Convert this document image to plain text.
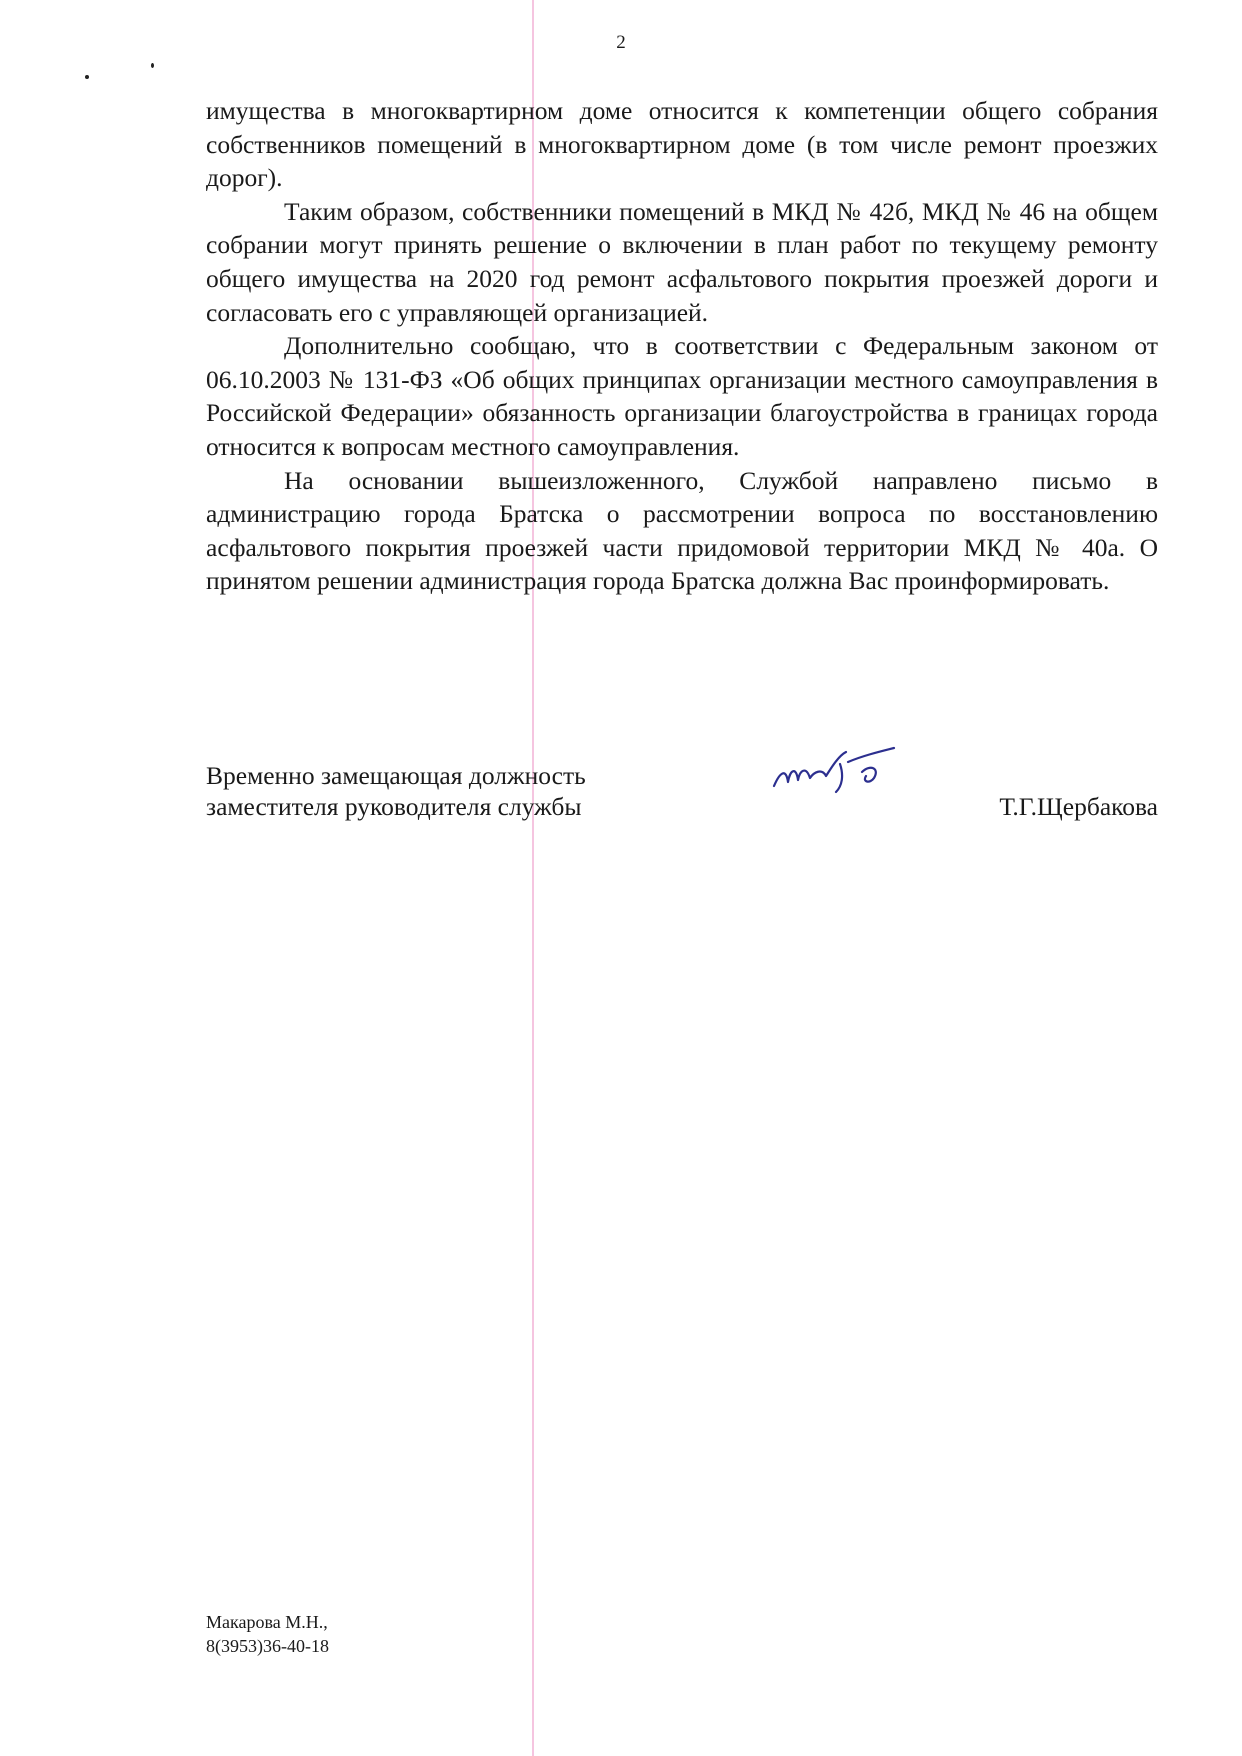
2

имущества в многоквартирном доме относится к компетенции общего собрания собственников помещений в многоквартирном доме (в том числе ремонт проезжих дорог).

Таким образом, собственники помещений в МКД № 42б, МКД № 46 на общем собрании могут принять решение о включении в план работ по текущему ремонту общего имущества на 2020 год ремонт асфальтового покрытия проезжей дороги и согласовать его с управляющей организацией.

Дополнительно сообщаю, что в соответствии с Федеральным законом от 06.10.2003 № 131-ФЗ «Об общих принципах организации местного самоуправления в Российской Федерации» обязанность организации благоустройства в границах города относится к вопросам местного самоуправления.

На основании вышеизложенного, Службой направлено письмо в администрацию города Братска о рассмотрении вопроса по восстановлению асфальтового покрытия проезжей части придомовой территории МКД № 40а. О принятом решении администрация города Братска должна Вас проинформировать.

Временно замещающая должность
заместителя руководителя службы	Т.Г.Щербакова
Макарова М.Н.,
8(3953)36-40-18
